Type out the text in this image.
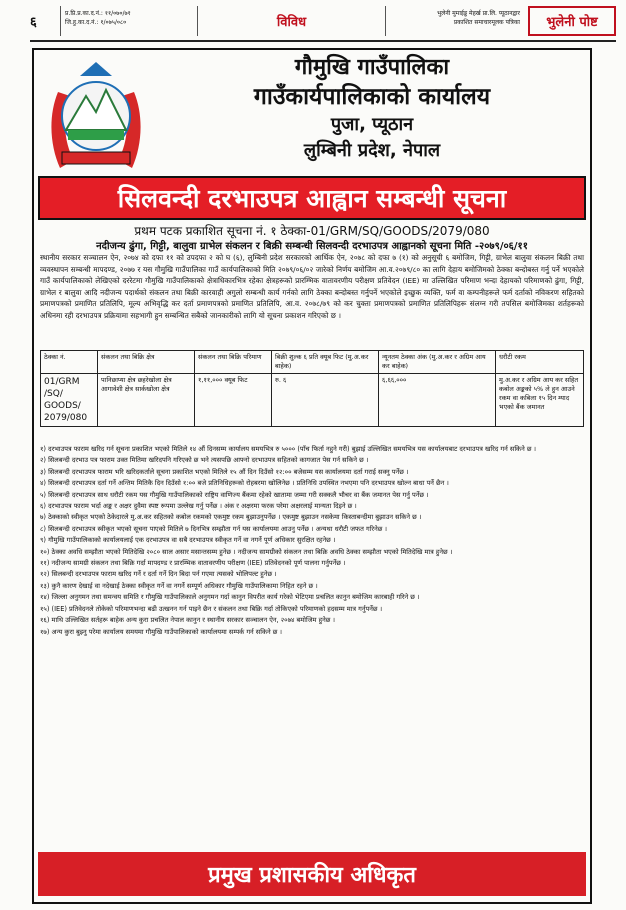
६
प्र.प्रि.प्र.का.द.नं.: ११/०७०/७१
जि.हु.का.द.नं.: १/०७५/०८०	विविध
भुलेनी मुमाईड्ड मेहर्ख प्रा.लि. प्यूठानद्वार
प्रकाशित समाचारमूलक पत्रिका	भुलेनी पोष्ट
गौमुखि गाउँपालिका
गाउँकार्यपालिकाको कार्यालय
पुजा, प्यूठान
लुम्बिनी प्रदेश, नेपाल
सिलवन्दी दरभाउपत्र आह्वान सम्बन्धी सूचना
प्रथम पटक प्रकाशित सूचना नं. १ ठेक्का-01/GRM/SQ/GOODS/2079/080
नदीजन्य ढुंगा, गिट्टी, बालुवा ग्राभेल संकलन र बिक्री सम्बन्धी सिलवन्दी दरभाउपत्र आह्वानको सूचना मिति -२०७९/०६/११
स्थानीय सरकार सञ्चालन ऐन, २०७४ को दफा ११ को उपदफा २ को घ (६), लुम्बिनी प्रदेश सरकारको आर्थिक ऐन, २०७८ को दफा ७ (१) को अनुसूची ६ बमोजिम, गिट्टी, ग्राभेल बालुवा संकलन बिक्री तथा व्यवस्थापन सम्बन्धी मापदण्ड, २०७७ र यस गौमुखि गाउँपालिका गाउँ कार्यपालिकाको मिति २०७९/०६/०२ जारेको निर्णय बमोजिम आ.व.२०७९/८० का लागि देहाय बमोजिमको ठेक्का बन्दोबस्त गर्नु पर्ने भएकोले गाउँ कार्यपालिकाको लेखिएको दररेटमा गौमुखि गाउँपालिकाको क्षेत्राधिकारभित्र रहेका क्षेत्रहरूको प्रारम्भिक वातावरणीय परीक्षण प्रतिवेदन (IEE) मा उल्लिखित परिमाण भन्दा देहायको परिमाणको ढुंगा, गिट्टी, ग्राभेल र बालुवा आदि नदीजन्य पदार्थको संकलन तथा बिक्री कारवाही अगुलो सम्बन्धी कार्य गर्नको लागि ठेक्का बन्दोबस्त गर्नुपर्ने भएकोले इच्छुक व्यक्ति, फर्म वा कम्पनीहरूले फर्म दर्ताको नविकरण सहितको प्रमाणपत्रको प्रमाणित प्रतिलिपि, मूल्य अभिवृद्धि कर दर्ता प्रमाणपत्रको प्रमाणित प्रतिलिपि, आ.व. २०७८/७९ को कर चुक्ता प्रमाणपत्रको प्रमाणित प्रतिलिपिहरू संलग्न गरी तपसिल बमोजिमका शर्तहरूको अधिनमा रही दरभाउपत्र प्रक्रियामा सहभागी हुन सम्बन्धित सबैको जानकारीको लागि यो सूचना प्रकाशन गरिएको छ ।
ठेक्का नं.	संकलन तथा बिक्रि क्षेत्र	संकलन तथा बिक्रि परिमाण	बिक्री शुल्क ६ प्रति क्यूब फिट (मु.अ.कर बाहेक)	न्यूनतम ठेक्का अंक (मु.अ.कर र अग्रिम आय कर बाहेक)	धरौटी रकम
01/GRM /SQ/ GOODS/ 2079/080	पानिछाप्या क्षेत्र छहरेखोला क्षेत्र आगावेशी क्षेत्र सार्कखोला क्षेत्र	१,११,००० क्यूब फिट	रु. ६	६,६६,०००	मु.अ.कर र अग्रिम आय कर सहित कबोल अङ्कको ५% ले हुन आउने रकम वा कबिला १५ दिन म्याद भएको बैंक जमानत

१) दरभाउपत्र फाराम खरिद गर्न सूचना प्रकाशित भएको मितिले १४ औं दिनसम्म कार्यालय समयभित्र रु ५००० (पाँच फिर्ता नहुने गरी) बुझाई उल्लिखित समयभित्र यस कार्यालयबाट दरभाउपत्र खरिद गर्न सकिने छ ।

२) सिलबन्दी दरभाउ पत्र फाराम उक्त मितिमा खरिदपनि गरिएको छ भने त्यसपछि आफ्नो दरभाउपत्र सहितको कागजात पेस गर्न सकिने छ ।

३) सिलबन्दी दरभाउपत्र फाराम भरि खरिदकर्ताले सूचना प्रकाशित भएको मितिले १५ औं दिन दिउँसो १२:०० बजेसम्म यस कार्यालयमा दर्ता गराई सक्नु पर्नेछ ।

४) सिलबन्दी दरभाउपत्र दर्ता गर्ने अन्तिम मितिकै दिन दिउँसो १:०० बजे प्रतिनिधिहरूको रोहबरमा खोलिनेछ । प्रतिनिधि उपस्थित नभएमा पनि दरभाउपत्र खोल्न बाधा पर्ने छैन ।

५) सिलबन्दी दरभाउपत्र साथ धरौटी रकम यस गौमुखि गाउँपालिकाको राष्ट्रिय वाणिज्य बैंकमा रहेको खातामा जम्मा गरी सक्कलै भौचर वा बैंक जमानत पेस गर्नु पर्नेछ ।

६) दरभाउपत्र फाराम भर्दा अङ्क र अक्षर दुवैमा स्पष्ट रूपमा उल्लेख गर्नु पर्नेछ । अंक र अक्षरमा फरक परेमा अक्षरलाई मान्यता दिइने छ ।

७) ठेक्काको स्वीकृत भएको ठेकेदारले मु.अ.कर सहितको कबोल रकमको एकमुष्ट रकम बुझाउनुपर्नेछ । एकमुष्ट बुझाउन नसकेमा किस्ताबन्दीमा बुझाउन सकिने छ ।

८) सिलबन्दी दरभाउपत्र स्वीकृत भएको सूचना पाएको मितिले ७ दिनभित्र सम्झौता गर्न यस कार्यालयमा आउनु पर्नेछ । अन्यथा धरौटी जफत गरिनेछ ।

९) गौमुखि गाउँपालिकाको कार्यालयलाई एक दरभाउपत्र वा सबै दरभाउपत्र स्वीकृत गर्ने वा नगर्ने पूर्ण अधिकार सुरक्षित रहनेछ ।

१०) ठेक्का अवधि सम्झौता भएको मितिदेखि २०८० साल असार मसान्तसम्म हुनेछ । नदीजन्य सामग्रीको संकलन तथा बिक्रि अवधि ठेक्का सम्झौता भएको मितिदेखि मात्र हुनेछ ।

११) नदीजन्य सामग्री संकलन तथा बिक्रि गर्दा मापदण्ड र प्रारम्भिक वातावरणीय परीक्षण (IEE) प्रतिवेदनको पूर्ण पालना गर्नुपर्नेछ ।

१२) सिलबन्दी दरभाउपत्र फाराम खरिद गर्ने र दर्ता गर्ने दिन बिदा पर्न गएमा त्यसको भोलिपल्ट हुनेछ ।

१३) कुनै कारण देखाई वा नदेखाई ठेक्का स्वीकृत गर्ने वा नगर्ने सम्पूर्ण अधिकार गौमुखि गाउँपालिकामा निहित रहने छ ।

१४) जिल्ला अनुगमन तथा समन्वय समिति र गौमुखि गाउँपालिकाले अनुगमन गर्दा कानुन विपरीत कार्य गरेको भेटिएमा प्रचलित कानुन बमोजिम कारबाही गरिने छ ।

१५) (IEE) प्रतिवेदनले तोकेको परिमाणभन्दा बढी उत्खनन गर्न पाइने छैन र संकलन तथा बिक्रि गर्दा तोकिएको परिमाणको हदसम्म मात्र गर्नुपर्नेछ ।

१६) माथि उल्लिखित सर्तहरू बाहेक अन्य कुरा प्रचलित नेपाल कानुन र स्थानीय सरकार सञ्चालन ऐन, २०७४ बमोजिम हुनेछ ।

१७) अन्य कुरा बुझ्नु परेमा कार्यालय समयमा गौमुखि गाउँपालिकाको कार्यालयमा सम्पर्क गर्न सकिने छ ।

प्रमुख प्रशासकीय अधिकृत
